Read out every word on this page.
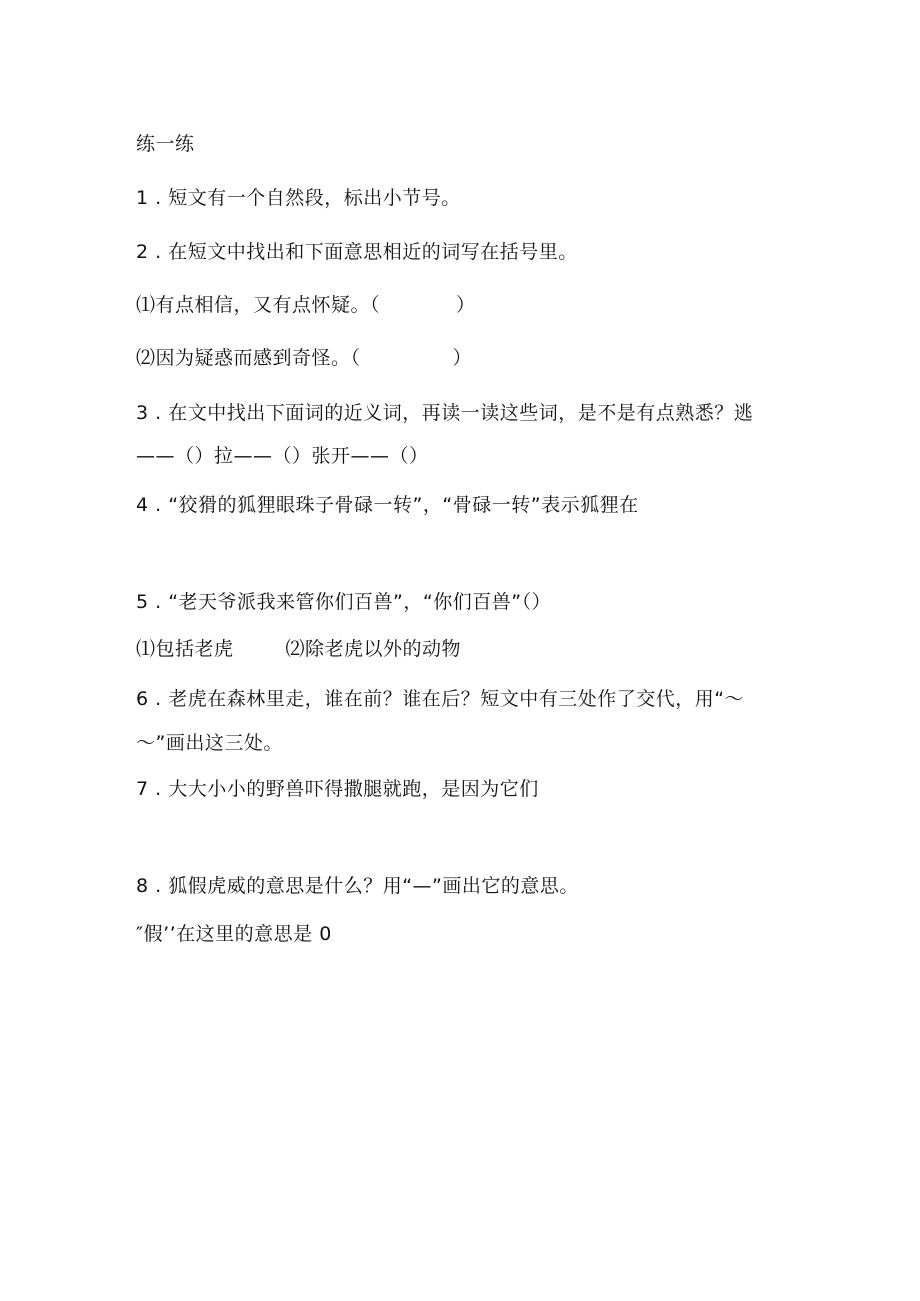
练一练
1 . 短文有一个自然段，标出小节号。
2 . 在短文中找出和下面意思相近的词写在括号里。
⑴有点相信，又有点怀疑。（	）
⑵因为疑惑而感到奇怪。（	）
3 . 在文中找出下面词的近义词，再读一读这些词，是不是有点熟悉？逃
——（）拉——（）张开——（）
4 . “狡猾的狐狸眼珠子骨碌一转”，“骨碌一转”表示狐狸在
5 . “老天爷派我来管你们百兽”，“你们百兽”（）
⑴包括老虎	⑵除老虎以外的动物
6 . 老虎在森林里走，谁在前？谁在后？短文中有三处作了交代，用“～
～”画出这三处。
7 . 大大小小的野兽吓得撒腿就跑，是因为它们
8 . 狐假虎威的意思是什么？用“—”画出它的意思。
″假’’在这里的意思是 0
